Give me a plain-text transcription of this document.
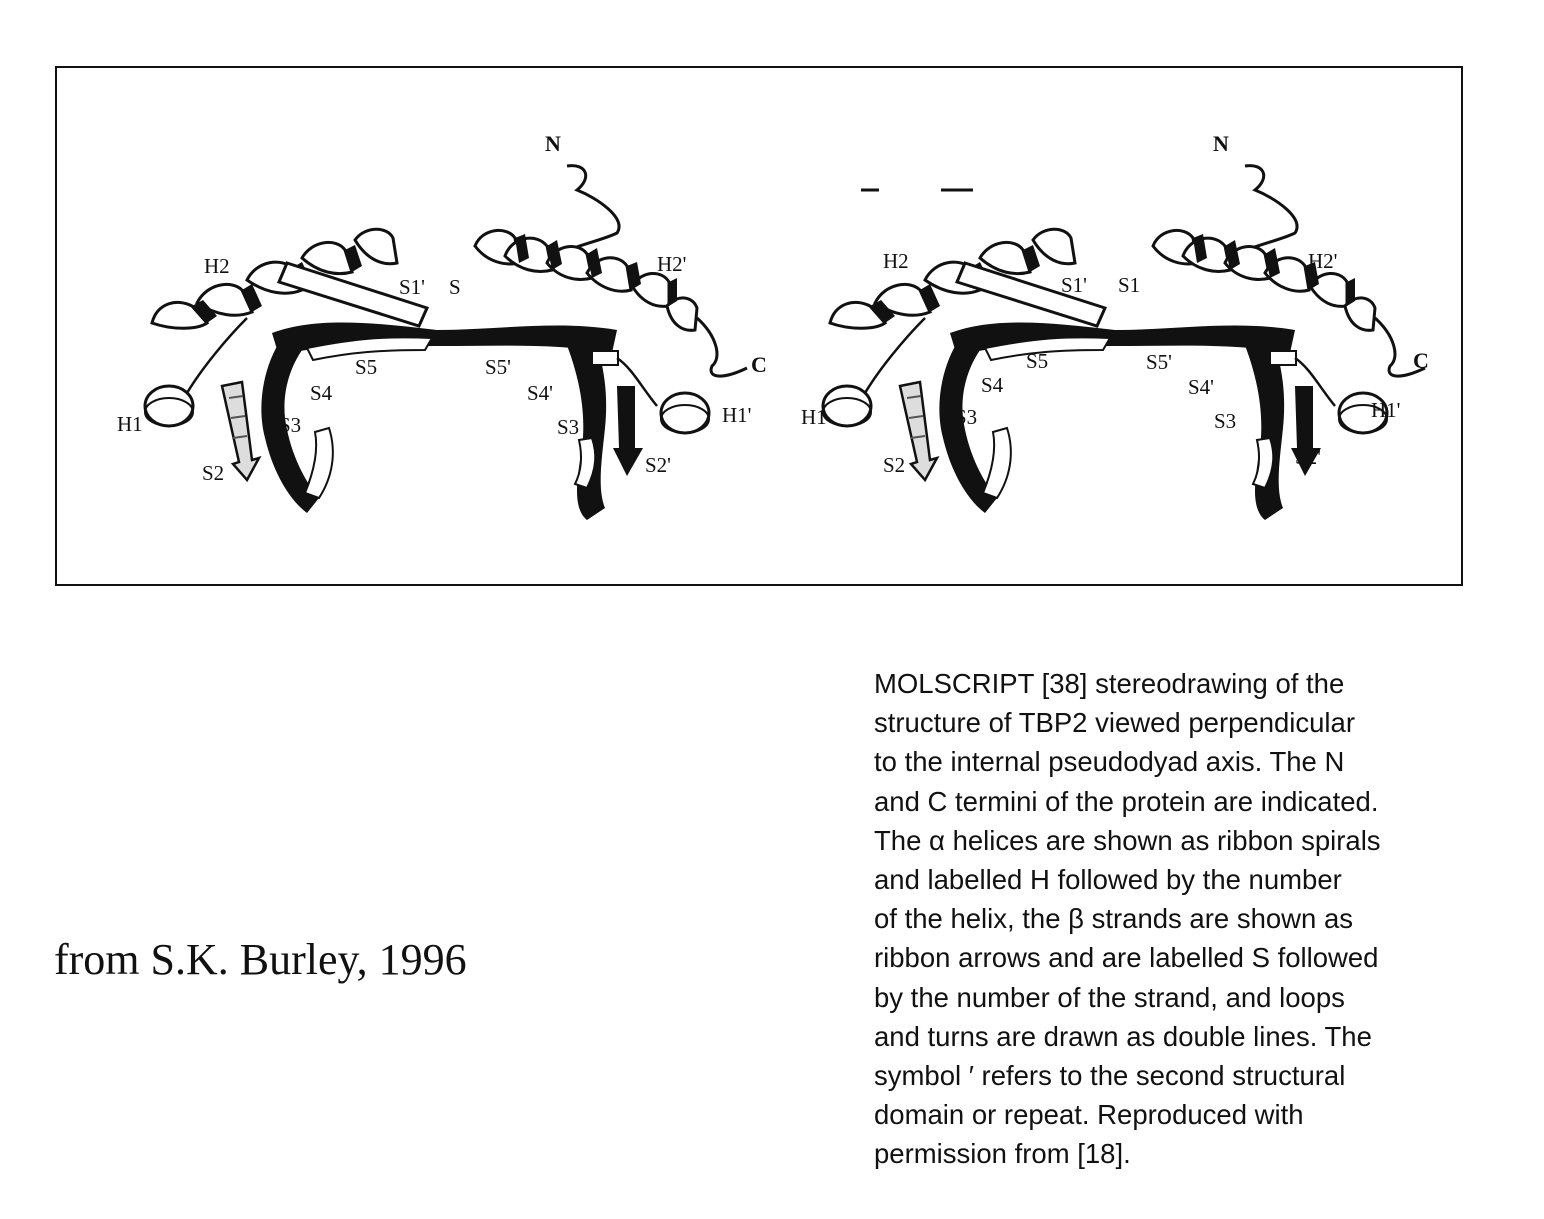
N
C
H2	H2'
H1	H1'
S1' S
S5	S5'
S4	S4'
S3	S3
S2	S2'
N
C
H2	H2'
H1	H1'
S1' S1
S5	S5'
S4	S4'
S3	S3
S2	S2'
from S.K. Burley, 1996
MOLSCRIPT [38] stereodrawing of the
structure of TBP2 viewed perpendicular
to the internal pseudodyad axis. The N
and C termini of the protein are indicated.
The α helices are shown as ribbon spirals
and labelled H followed by the number
of the helix, the β strands are shown as
ribbon arrows and are labelled S followed
by the number of the strand, and loops
and turns are drawn as double lines. The
symbol ′ refers to the second structural
domain or repeat. Reproduced with
permission from [18].
